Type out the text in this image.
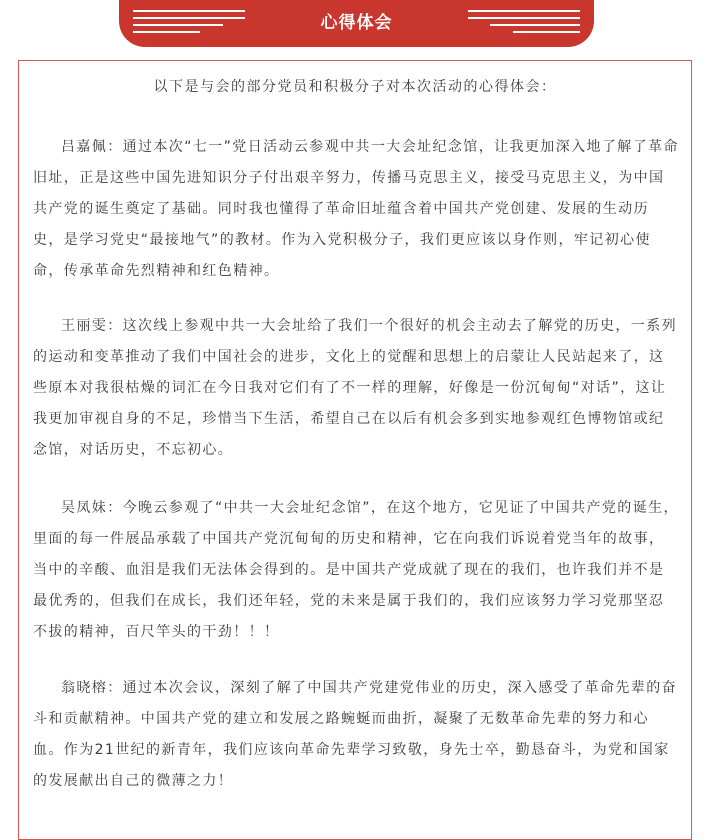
心得体会
以下是与会的部分党员和积极分子对本次活动的心得体会：

吕嘉佩：通过本次“七一”党日活动云参观中共一大会址纪念馆，让我更加深入地了解了革命旧址，正是这些中国先进知识分子付出艰辛努力，传播马克思主义，接受马克思主义，为中国共产党的诞生奠定了基础。同时我也懂得了革命旧址蕴含着中国共产党创建、发展的生动历史，是学习党史“最接地气”的教材。作为入党积极分子，我们更应该以身作则，牢记初心使命，传承革命先烈精神和红色精神。

王丽雯：这次线上参观中共一大会址给了我们一个很好的机会主动去了解党的历史，一系列的运动和变革推动了我们中国社会的进步，文化上的觉醒和思想上的启蒙让人民站起来了，这些原本对我很枯燥的词汇在今日我对它们有了不一样的理解，好像是一份沉甸甸“对话”，这让我更加审视自身的不足，珍惜当下生活，希望自己在以后有机会多到实地参观红色博物馆或纪念馆，对话历史，不忘初心。

吴凤妹：今晚云参观了“中共一大会址纪念馆”，在这个地方，它见证了中国共产党的诞生，里面的每一件展品承载了中国共产党沉甸甸的历史和精神，它在向我们诉说着党当年的故事，当中的辛酸、血泪是我们无法体会得到的。是中国共产党成就了现在的我们，也许我们并不是最优秀的，但我们在成长，我们还年轻，党的未来是属于我们的，我们应该努力学习党那坚忍不拔的精神，百尺竿头的干劲！！！

翁晓榕：通过本次会议，深刻了解了中国共产党建党伟业的历史，深入感受了革命先辈的奋斗和贡献精神。中国共产党的建立和发展之路蜿蜒而曲折，凝聚了无数革命先辈的努力和心血。作为21世纪的新青年，我们应该向革命先辈学习致敬，身先士卒，勤恳奋斗，为党和国家的发展献出自己的微薄之力！
